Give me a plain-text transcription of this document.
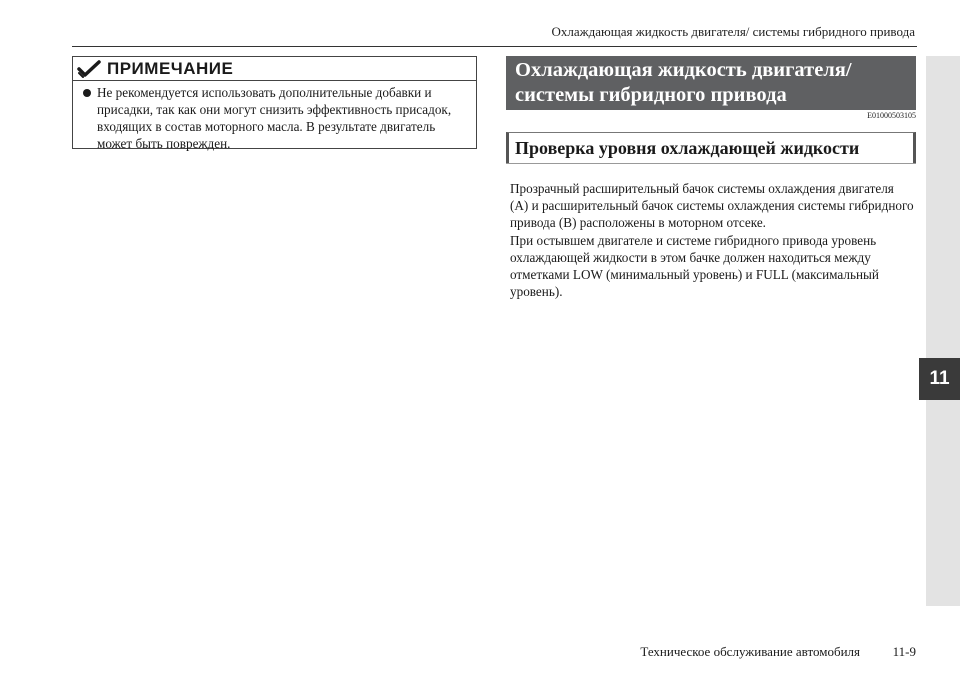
Охлаждающая жидкость двигателя/ системы гибридного привода
11
ПРИМЕЧАНИЕ
Не рекомендуется использовать дополнительные добавки и присадки, так как они могут снизить эффективность присадок, входящих в состав моторного масла. В результате двигатель может быть поврежден.
Охлаждающая жидкость двигателя/ системы гибридного привода
E01000503105
Проверка уровня охлаждающей жидкости

Прозрачный расширительный бачок системы охлаждения двигателя (A) и расширительный бачок системы охлаждения системы гибридного привода (B) расположены в моторном отсеке.

При остывшем двигателе и системе гибридного привода уровень охлаждающей жидкости в этом бачке должен находиться между отметками LOW (минимальный уровень) и FULL (максимальный уровень).

Техническое обслуживание автомобиля	11-9
